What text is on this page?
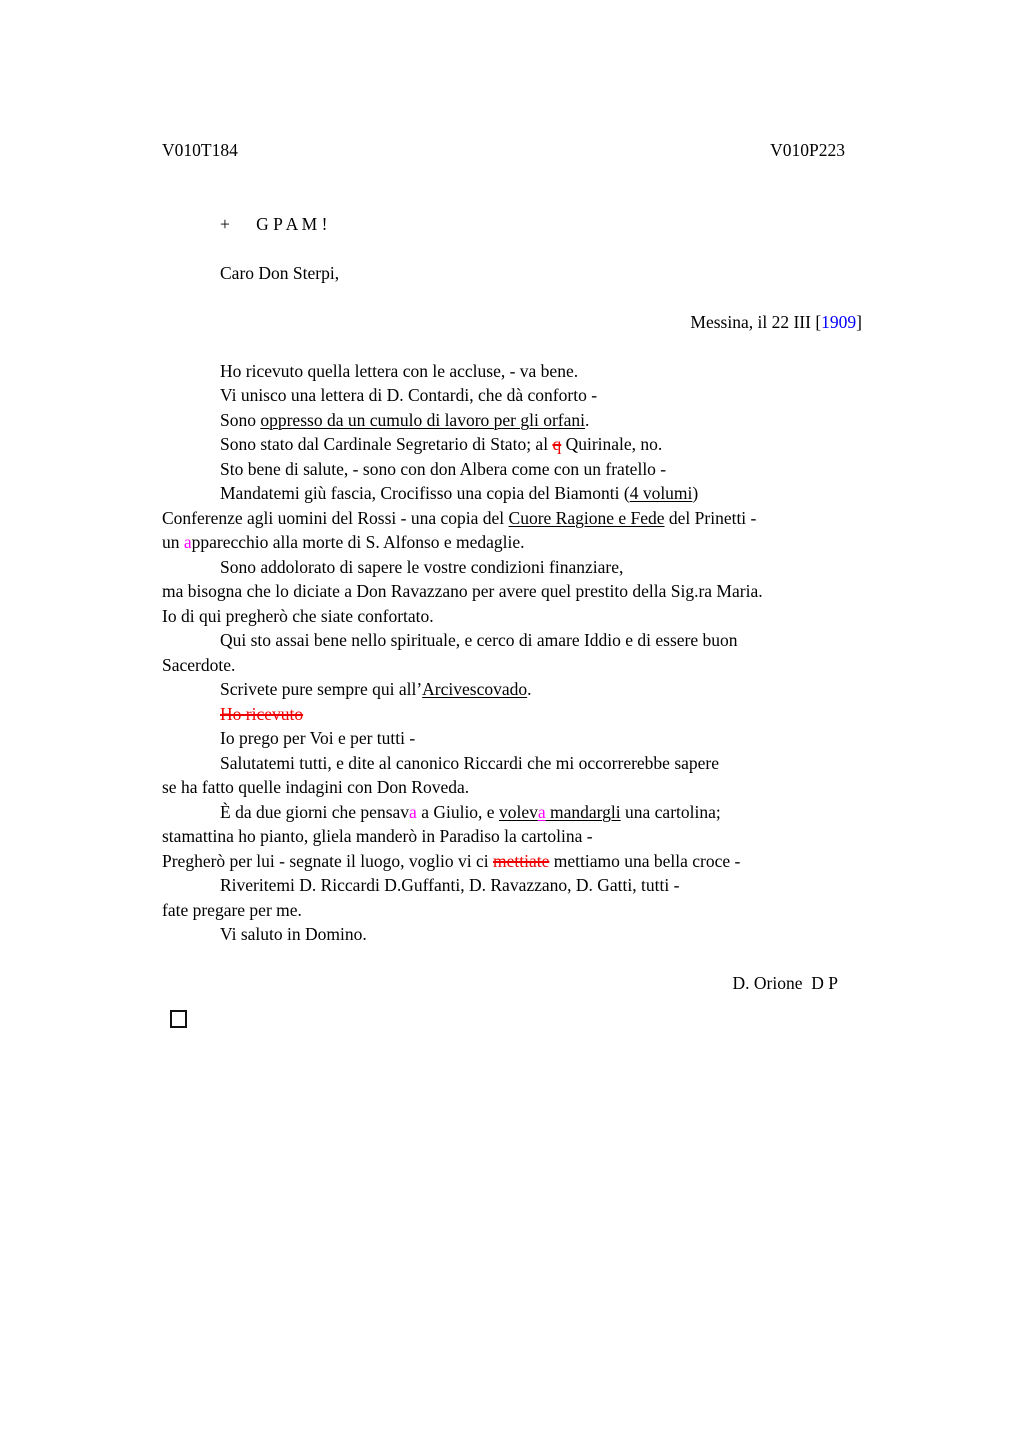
V010T184	V010P223

+      G P A M !

Caro Don Sterpi,

Messina, il 22 III [1909]

Ho ricevuto quella lettera con le accluse, - va bene.
Vi unisco una lettera di D. Contardi, che dà conforto -
Sono oppresso da un cumulo di lavoro per gli orfani.
Sono stato dal Cardinale Segretario di Stato; al q Quirinale, no.
Sto bene di salute, - sono con don Albera come con un fratello -
Mandatemi giù fascia, Crocifisso una copia del Biamonti (4 volumi)
Conferenze agli uomini del Rossi - una copia del Cuore Ragione e Fede del Prinetti -
un apparecchio alla morte di S. Alfonso e medaglie.
Sono addolorato di sapere le vostre condizioni finanziare,
ma bisogna che lo diciate a Don Ravazzano per avere quel prestito della Sig.ra Maria.
Io di qui pregherò che siate confortato.
Qui sto assai bene nello spirituale, e cerco di amare Iddio e di essere buon
Sacerdote.
Scrivete pure sempre qui all’Arcivescovado.
Ho ricevuto
Io prego per Voi e per tutti -
Salutatemi tutti, e dite al canonico Riccardi che mi occorrerebbe sapere
se ha fatto quelle indagini con Don Roveda.
È da due giorni che pensava a Giulio, e voleva mandargli una cartolina;
stamattina ho pianto, gliela manderò in Paradiso la cartolina -
Pregherò per lui - segnate il luogo, voglio vi ci mettiate mettiamo una bella croce -
Riveritemi D. Riccardi D.Guffanti, D. Ravazzano, D. Gatti, tutti -
fate pregare per me.
Vi saluto in Domino.
D. Orione  D P
